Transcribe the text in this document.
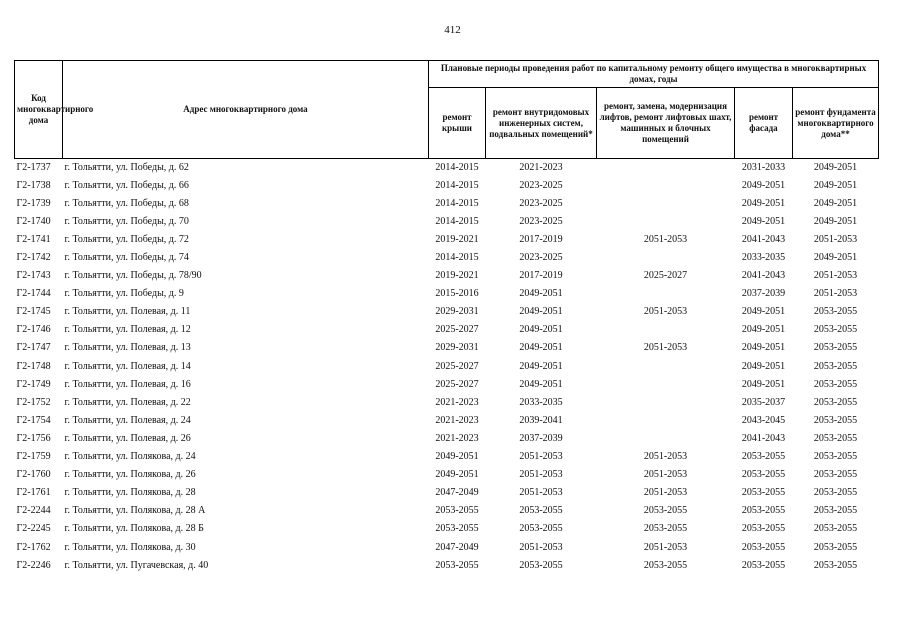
412
Код многоквартирного дома	Адрес многоквартирного дома	Плановые периоды проведения работ по капитальному ремонту общего имущества в многоквартирных домах, годы				
		ремонт крыши	ремонт внутридомовых инженерных систем, подвальных помещений*	ремонт, замена, модернизация лифтов, ремонт лифтовых шахт, машинных и блочных помещений	ремонт фасада	ремонт фундамента многоквартирного дома**
Г2-1737	г. Тольятти, ул. Победы, д. 62	2014-2015	2021-2023		2031-2033	2049-2051
Г2-1738	г. Тольятти, ул. Победы, д. 66	2014-2015	2023-2025		2049-2051	2049-2051
Г2-1739	г. Тольятти, ул. Победы, д. 68	2014-2015	2023-2025		2049-2051	2049-2051
Г2-1740	г. Тольятти, ул. Победы, д. 70	2014-2015	2023-2025		2049-2051	2049-2051
Г2-1741	г. Тольятти, ул. Победы, д. 72	2019-2021	2017-2019	2051-2053	2041-2043	2051-2053
Г2-1742	г. Тольятти, ул. Победы, д. 74	2014-2015	2023-2025		2033-2035	2049-2051
Г2-1743	г. Тольятти, ул. Победы, д. 78/90	2019-2021	2017-2019	2025-2027	2041-2043	2051-2053
Г2-1744	г. Тольятти, ул. Победы, д. 9	2015-2016	2049-2051		2037-2039	2051-2053
Г2-1745	г. Тольятти, ул. Полевая, д. 11	2029-2031	2049-2051	2051-2053	2049-2051	2053-2055
Г2-1746	г. Тольятти, ул. Полевая, д. 12	2025-2027	2049-2051		2049-2051	2053-2055
Г2-1747	г. Тольятти, ул. Полевая, д. 13	2029-2031	2049-2051	2051-2053	2049-2051	2053-2055
Г2-1748	г. Тольятти, ул. Полевая, д. 14	2025-2027	2049-2051		2049-2051	2053-2055
Г2-1749	г. Тольятти, ул. Полевая, д. 16	2025-2027	2049-2051		2049-2051	2053-2055
Г2-1752	г. Тольятти, ул. Полевая, д. 22	2021-2023	2033-2035		2035-2037	2053-2055
Г2-1754	г. Тольятти, ул. Полевая, д. 24	2021-2023	2039-2041		2043-2045	2053-2055
Г2-1756	г. Тольятти, ул. Полевая, д. 26	2021-2023	2037-2039		2041-2043	2053-2055
Г2-1759	г. Тольятти, ул. Полякова, д. 24	2049-2051	2051-2053	2051-2053	2053-2055	2053-2055
Г2-1760	г. Тольятти, ул. Полякова, д. 26	2049-2051	2051-2053	2051-2053	2053-2055	2053-2055
Г2-1761	г. Тольятти, ул. Полякова, д. 28	2047-2049	2051-2053	2051-2053	2053-2055	2053-2055
Г2-2244	г. Тольятти, ул. Полякова, д. 28 А	2053-2055	2053-2055	2053-2055	2053-2055	2053-2055
Г2-2245	г. Тольятти, ул. Полякова, д. 28 Б	2053-2055	2053-2055	2053-2055	2053-2055	2053-2055
Г2-1762	г. Тольятти, ул. Полякова, д. 30	2047-2049	2051-2053	2051-2053	2053-2055	2053-2055
Г2-2246	г. Тольятти, ул. Пугачевская, д. 40	2053-2055	2053-2055	2053-2055	2053-2055	2053-2055
